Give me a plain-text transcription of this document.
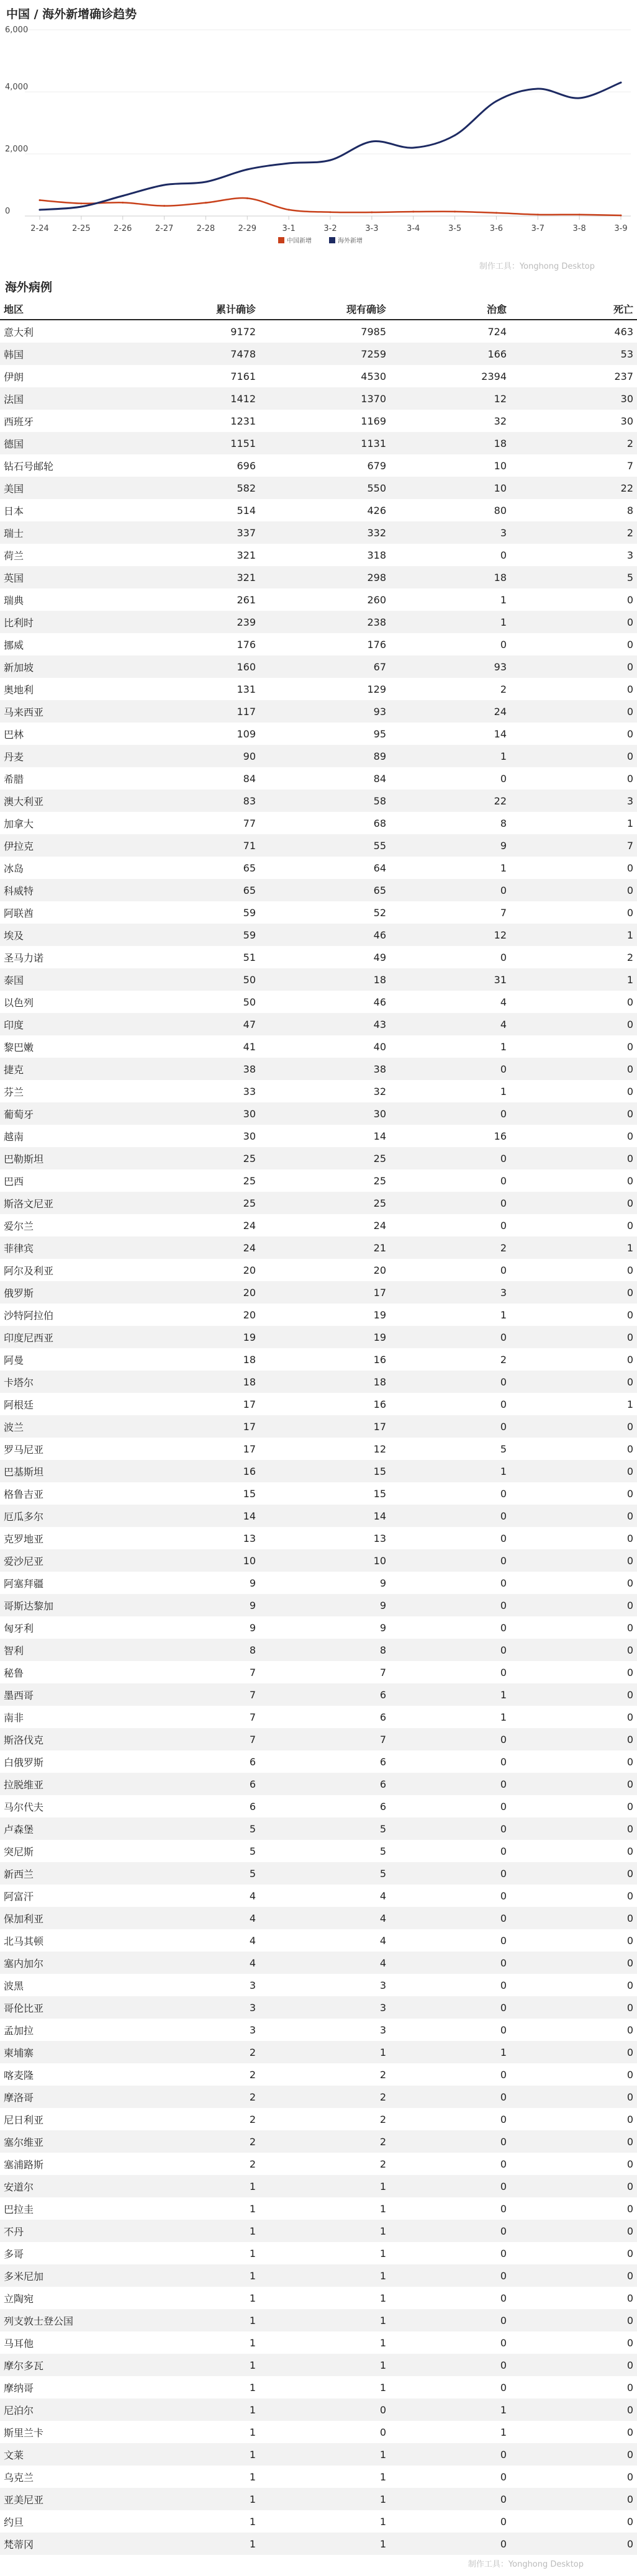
中国 / 海外新增确诊趋势
0
2,000
4,000
6,000
2-24	2-25	2-26	2-27	2-28	2-29	3-1	3-2	3-3	3-4	3-5	3-6	3-7	3-8	3-9
中国新增	海外新增
制作工具：Yonghong Desktop
海外病例
地区	累计确诊	现有确诊	治愈	死亡
意大利	9172	7985	724	463
韩国	7478	7259	166	53
伊朗	7161	4530	2394	237
法国	1412	1370	12	30
西班牙	1231	1169	32	30
德国	1151	1131	18	2
钻石号邮轮	696	679	10	7
美国	582	550	10	22
日本	514	426	80	8
瑞士	337	332	3	2
荷兰	321	318	0	3
英国	321	298	18	5
瑞典	261	260	1	0
比利时	239	238	1	0
挪威	176	176	0	0
新加坡	160	67	93	0
奥地利	131	129	2	0
马来西亚	117	93	24	0
巴林	109	95	14	0
丹麦	90	89	1	0
希腊	84	84	0	0
澳大利亚	83	58	22	3
加拿大	77	68	8	1
伊拉克	71	55	9	7
冰岛	65	64	1	0
科威特	65	65	0	0
阿联酋	59	52	7	0
埃及	59	46	12	1
圣马力诺	51	49	0	2
泰国	50	18	31	1
以色列	50	46	4	0
印度	47	43	4	0
黎巴嫩	41	40	1	0
捷克	38	38	0	0
芬兰	33	32	1	0
葡萄牙	30	30	0	0
越南	30	14	16	0
巴勒斯坦	25	25	0	0
巴西	25	25	0	0
斯洛文尼亚	25	25	0	0
爱尔兰	24	24	0	0
菲律宾	24	21	2	1
阿尔及利亚	20	20	0	0
俄罗斯	20	17	3	0
沙特阿拉伯	20	19	1	0
印度尼西亚	19	19	0	0
阿曼	18	16	2	0
卡塔尔	18	18	0	0
阿根廷	17	16	0	1
波兰	17	17	0	0
罗马尼亚	17	12	5	0
巴基斯坦	16	15	1	0
格鲁吉亚	15	15	0	0
厄瓜多尔	14	14	0	0
克罗地亚	13	13	0	0
爱沙尼亚	10	10	0	0
阿塞拜疆	9	9	0	0
哥斯达黎加	9	9	0	0
匈牙利	9	9	0	0
智利	8	8	0	0
秘鲁	7	7	0	0
墨西哥	7	6	1	0
南非	7	6	1	0
斯洛伐克	7	7	0	0
白俄罗斯	6	6	0	0
拉脱维亚	6	6	0	0
马尔代夫	6	6	0	0
卢森堡	5	5	0	0
突尼斯	5	5	0	0
新西兰	5	5	0	0
阿富汗	4	4	0	0
保加利亚	4	4	0	0
北马其顿	4	4	0	0
塞内加尔	4	4	0	0
波黑	3	3	0	0
哥伦比亚	3	3	0	0
孟加拉	3	3	0	0
柬埔寨	2	1	1	0
喀麦隆	2	2	0	0
摩洛哥	2	2	0	0
尼日利亚	2	2	0	0
塞尔维亚	2	2	0	0
塞浦路斯	2	2	0	0
安道尔	1	1	0	0
巴拉圭	1	1	0	0
不丹	1	1	0	0
多哥	1	1	0	0
多米尼加	1	1	0	0
立陶宛	1	1	0	0
列支敦士登公国	1	1	0	0
马耳他	1	1	0	0
摩尔多瓦	1	1	0	0
摩纳哥	1	1	0	0
尼泊尔	1	0	1	0
斯里兰卡	1	0	1	0
文莱	1	1	0	0
乌克兰	1	1	0	0
亚美尼亚	1	1	0	0
约旦	1	1	0	0
梵蒂冈	1	1	0	0
制作工具：Yonghong Desktop
